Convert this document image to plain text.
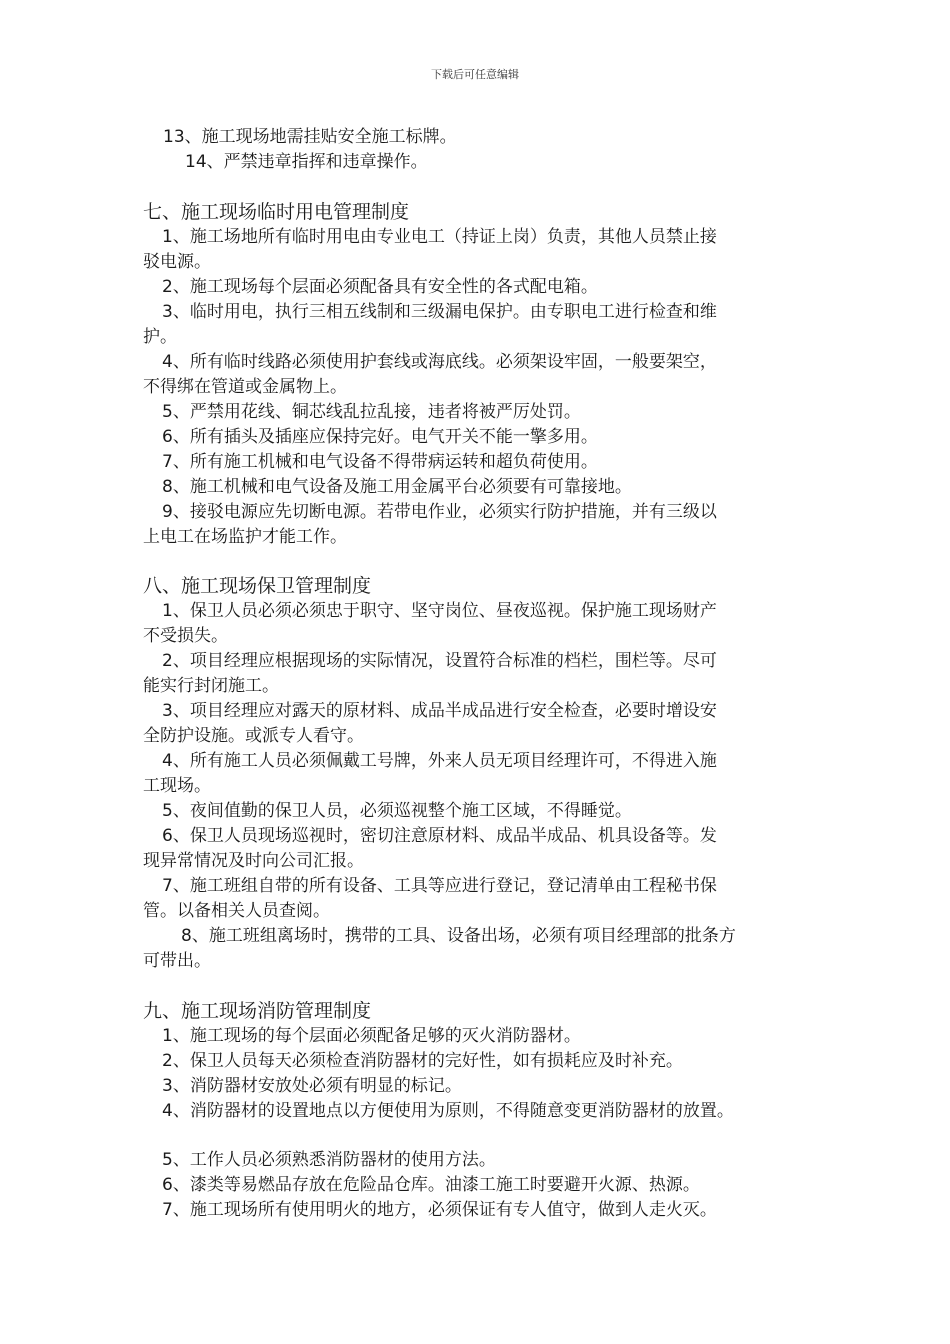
下载后可任意编辑
13、施工现场地需挂贴安全施工标牌。
14、严禁违章指挥和违章操作。
七、施工现场临时用电管理制度
1、施工场地所有临时用电由专业电工（持证上岗）负责，其他人员禁止接
驳电源。
2、施工现场每个层面必须配备具有安全性的各式配电箱。
3、临时用电，执行三相五线制和三级漏电保护。由专职电工进行检查和维
护。
4、所有临时线路必须使用护套线或海底线。必须架设牢固，一般要架空，
不得绑在管道或金属物上。
5、严禁用花线、铜芯线乱拉乱接，违者将被严厉处罚。
6、所有插头及插座应保持完好。电气开关不能一擎多用。
7、所有施工机械和电气设备不得带病运转和超负荷使用。
8、施工机械和电气设备及施工用金属平台必须要有可靠接地。
9、接驳电源应先切断电源。若带电作业，必须实行防护措施，并有三级以
上电工在场监护才能工作。
八、施工现场保卫管理制度
1、保卫人员必须必须忠于职守、坚守岗位、昼夜巡视。保护施工现场财产
不受损失。
2、项目经理应根据现场的实际情况，设置符合标准的档栏，围栏等。尽可
能实行封闭施工。
3、项目经理应对露天的原材料、成品半成品进行安全检查，必要时增设安
全防护设施。或派专人看守。
4、所有施工人员必须佩戴工号牌，外来人员无项目经理许可，不得进入施
工现场。
5、夜间值勤的保卫人员，必须巡视整个施工区域，不得睡觉。
6、保卫人员现场巡视时，密切注意原材料、成品半成品、机具设备等。发
现异常情况及时向公司汇报。
7、施工班组自带的所有设备、工具等应进行登记，登记清单由工程秘书保
管。以备相关人员查阅。
8、施工班组离场时，携带的工具、设备出场，必须有项目经理部的批条方
可带出。
九、施工现场消防管理制度
1、施工现场的每个层面必须配备足够的灭火消防器材。
2、保卫人员每天必须检查消防器材的完好性，如有损耗应及时补充。
3、消防器材安放处必须有明显的标记。
4、消防器材的设置地点以方便使用为原则，不得随意变更消防器材的放置。
5、工作人员必须熟悉消防器材的使用方法。
6、漆类等易燃品存放在危险品仓库。油漆工施工时要避开火源、热源。
7、施工现场所有使用明火的地方，必须保证有专人值守，做到人走火灭。
